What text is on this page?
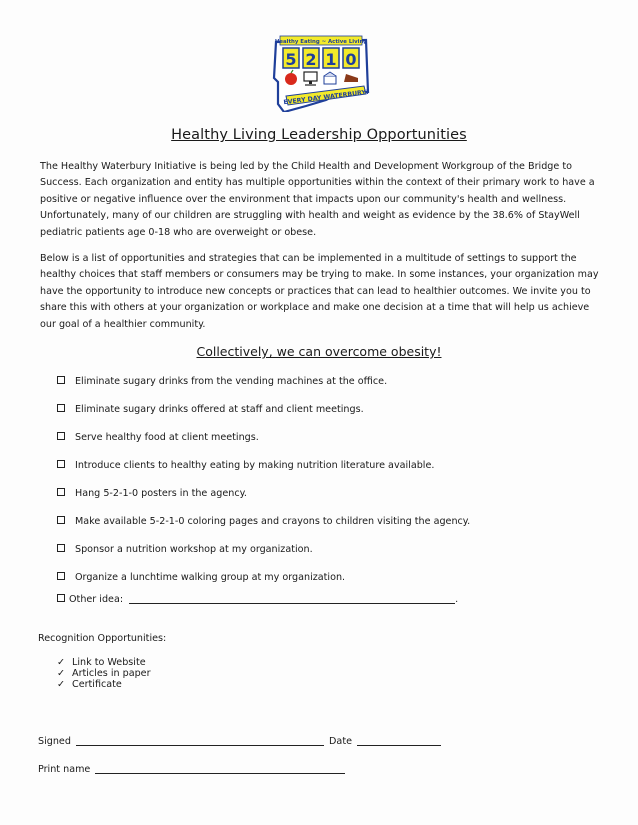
Healthy Eating ~ Active Living
5 2 1 0
EVERY DAY WATERBURY!
Healthy Living Leadership Opportunities

The Healthy Waterbury Initiative is being led by the Child Health and Development Workgroup of the Bridge to Success. Each organization and entity has multiple opportunities within the context of their primary work to have a positive or negative influence over the environment that impacts upon our community's health and wellness. Unfortunately, many of our children are struggling with health and weight as evidence by the 38.6% of StayWell pediatric patients age 0-18 who are overweight or obese.

Below is a list of opportunities and strategies that can be implemented in a multitude of settings to support the healthy choices that staff members or consumers may be trying to make. In some instances, your organization may have the opportunity to introduce new concepts or practices that can lead to healthier outcomes. We invite you to share this with others at your organization or workplace and make one decision at a time that will help us achieve our goal of a healthier community.

Collectively, we can overcome obesity!
Eliminate sugary drinks from the vending machines at the office.
Eliminate sugary drinks offered at staff and client meetings.
Serve healthy food at client meetings.
Introduce clients to healthy eating by making nutrition literature available.
Hang 5-2-1-0 posters in the agency.
Make available 5-2-1-0 coloring pages and crayons to children visiting the agency.
Sponsor a nutrition workshop at my organization.
Organize a lunchtime walking group at my organization.
Other idea:	.
Recognition Opportunities:
✓ Link to Website
✓ Articles in paper
✓ Certificate
Signed	Date
Print name
